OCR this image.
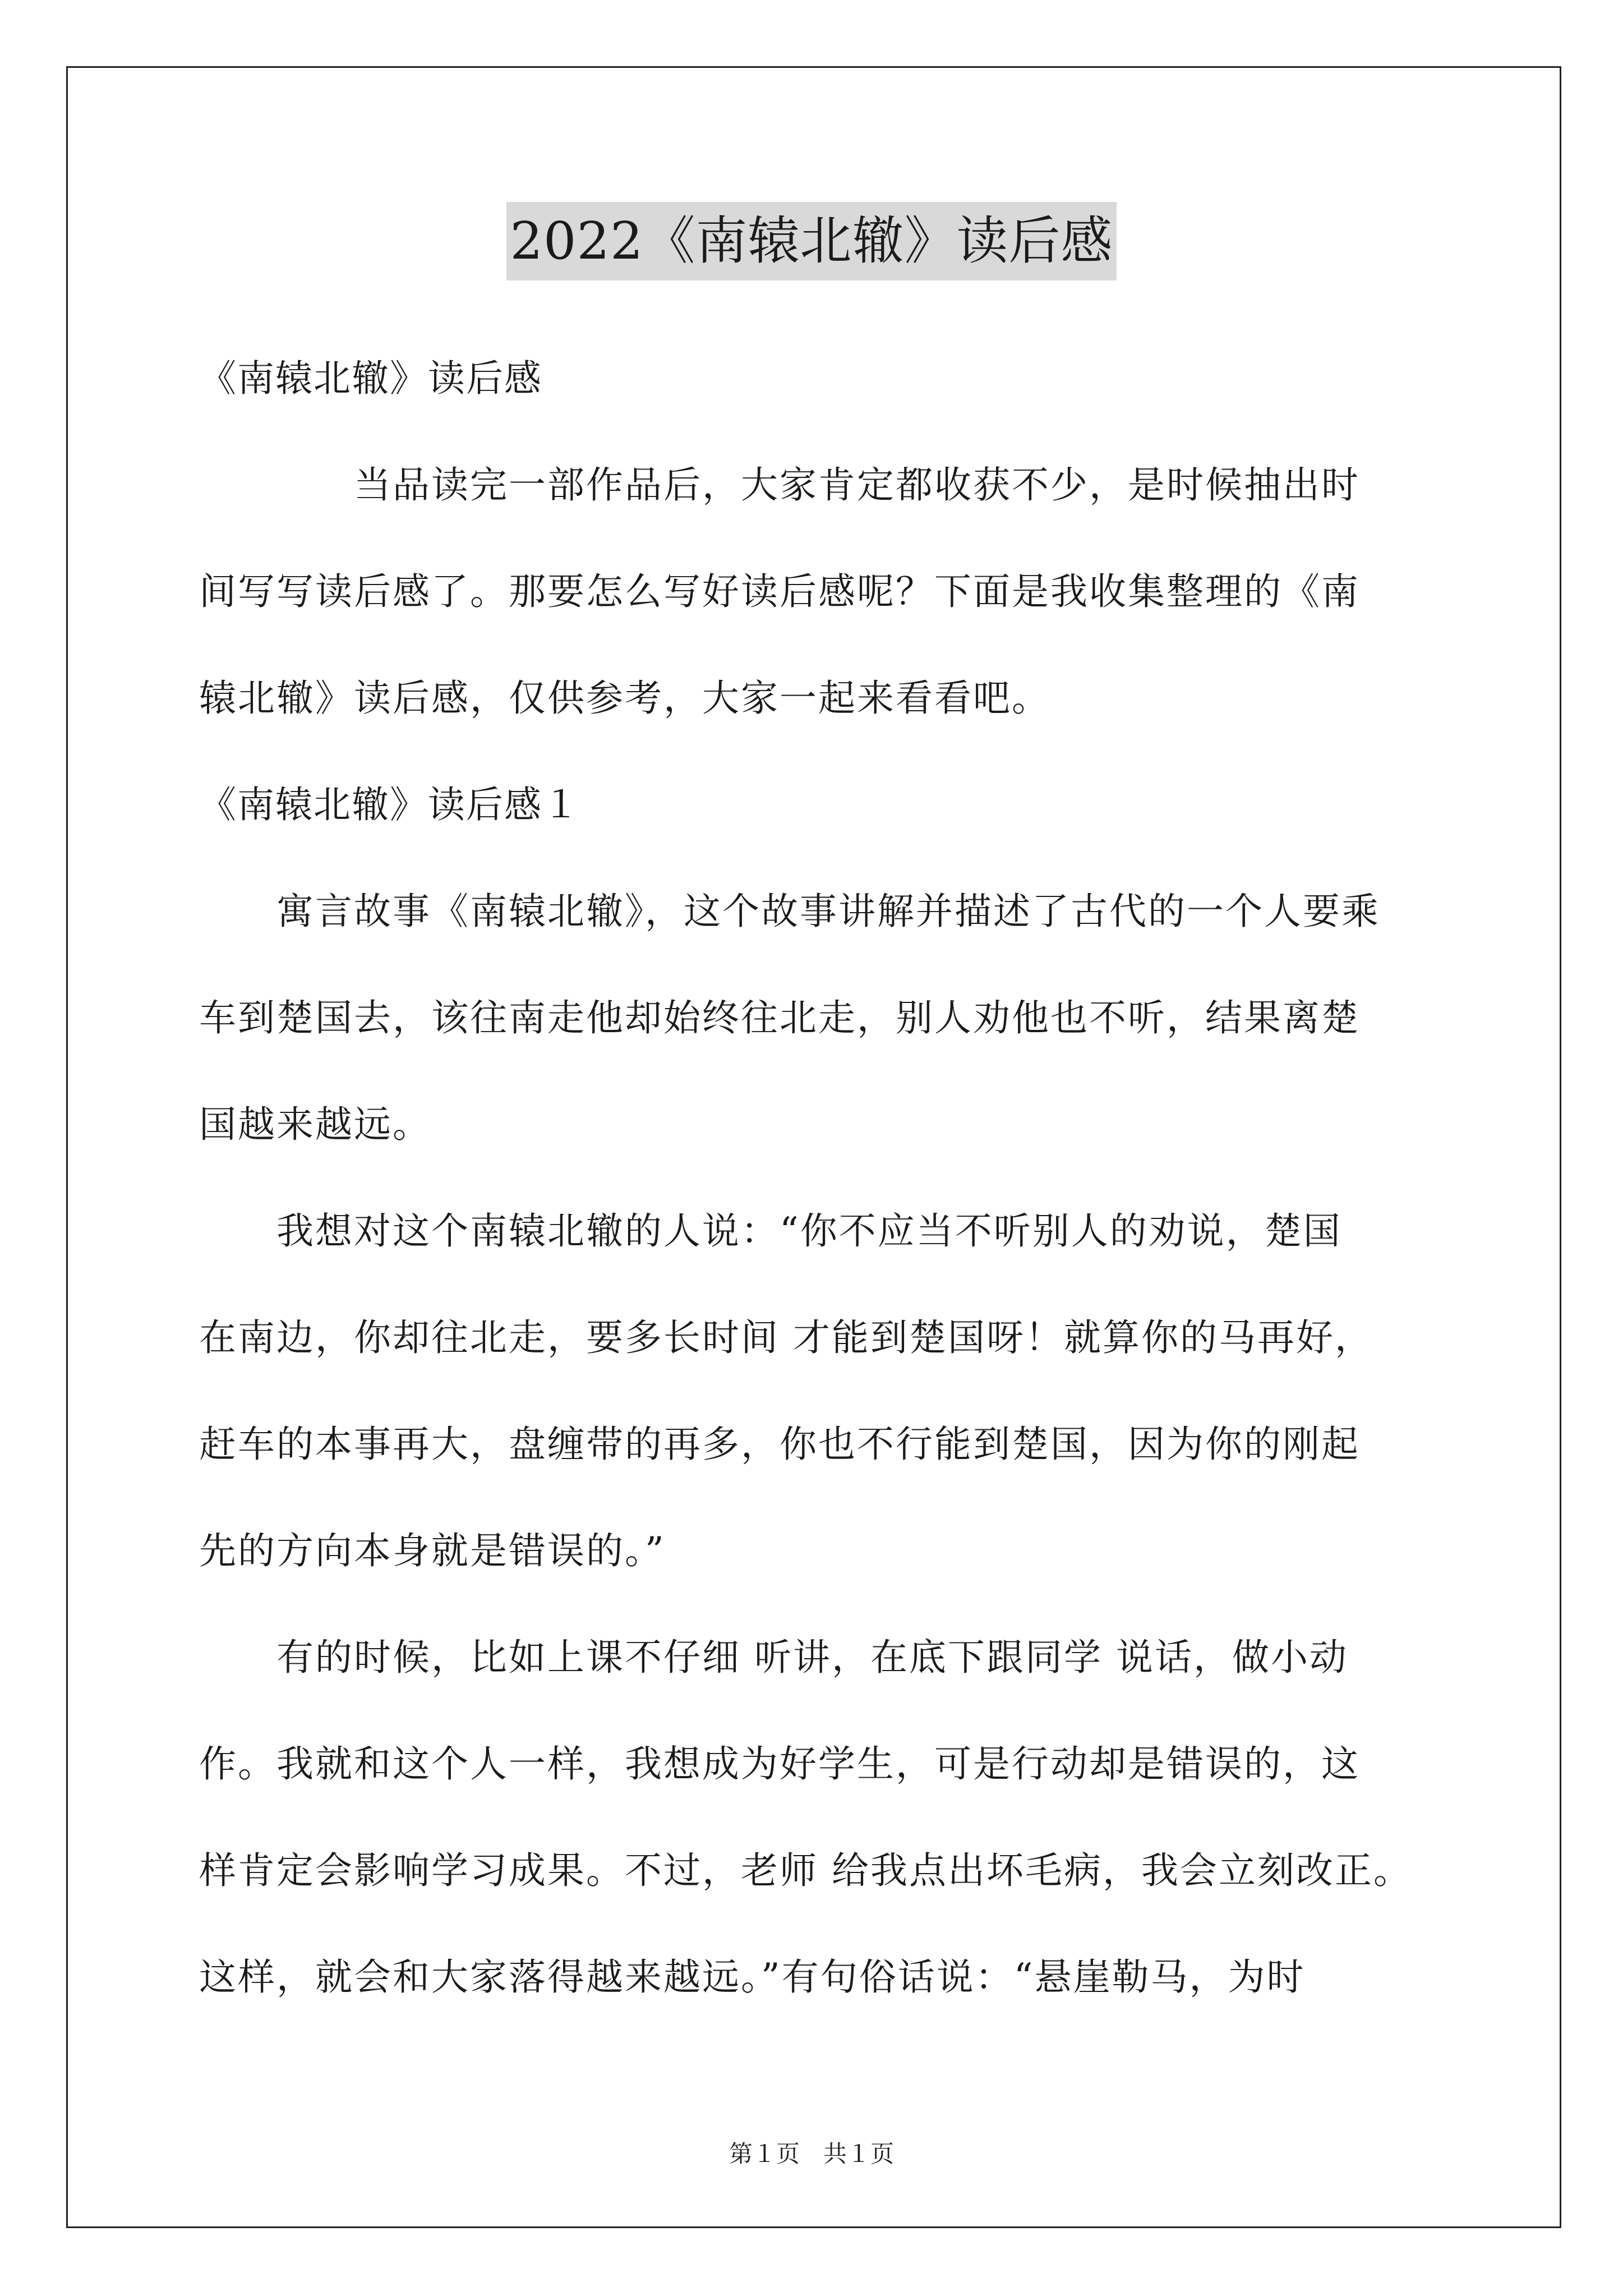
2022《南辕北辙》读后感
《南辕北辙》读后感
　　　　当品读完一部作品后，大家肯定都收获不少，是时候抽出时
间写写读后感了。那要怎么写好读后感呢？下面是我收集整理的《南
辕北辙》读后感，仅供参考，大家一起来看看吧。
《南辕北辙》读后感１
　　寓言故事《南辕北辙》，这个故事讲解并描述了古代的一个人要乘
车到楚国去，该往南走他却始终往北走，别人劝他也不听，结果离楚
国越来越远。
　　我想对这个南辕北辙的人说：“你不应当不听别人的劝说，楚国
在南边，你却往北走，要多长时间 才能到楚国呀！就算你的马再好，
赶车的本事再大，盘缠带的再多，你也不行能到楚国，因为你的刚起
先的方向本身就是错误的。”
　　有的时候，比如上课不仔细 听讲，在底下跟同学 说话，做小动
作。我就和这个人一样，我想成为好学生，可是行动却是错误的，这
样肯定会影响学习成果。不过，老师 给我点出坏毛病，我会立刻改正。
这样，就会和大家落得越来越远。”有句俗话说：“悬崖勒马，为时
第１页　共１页
